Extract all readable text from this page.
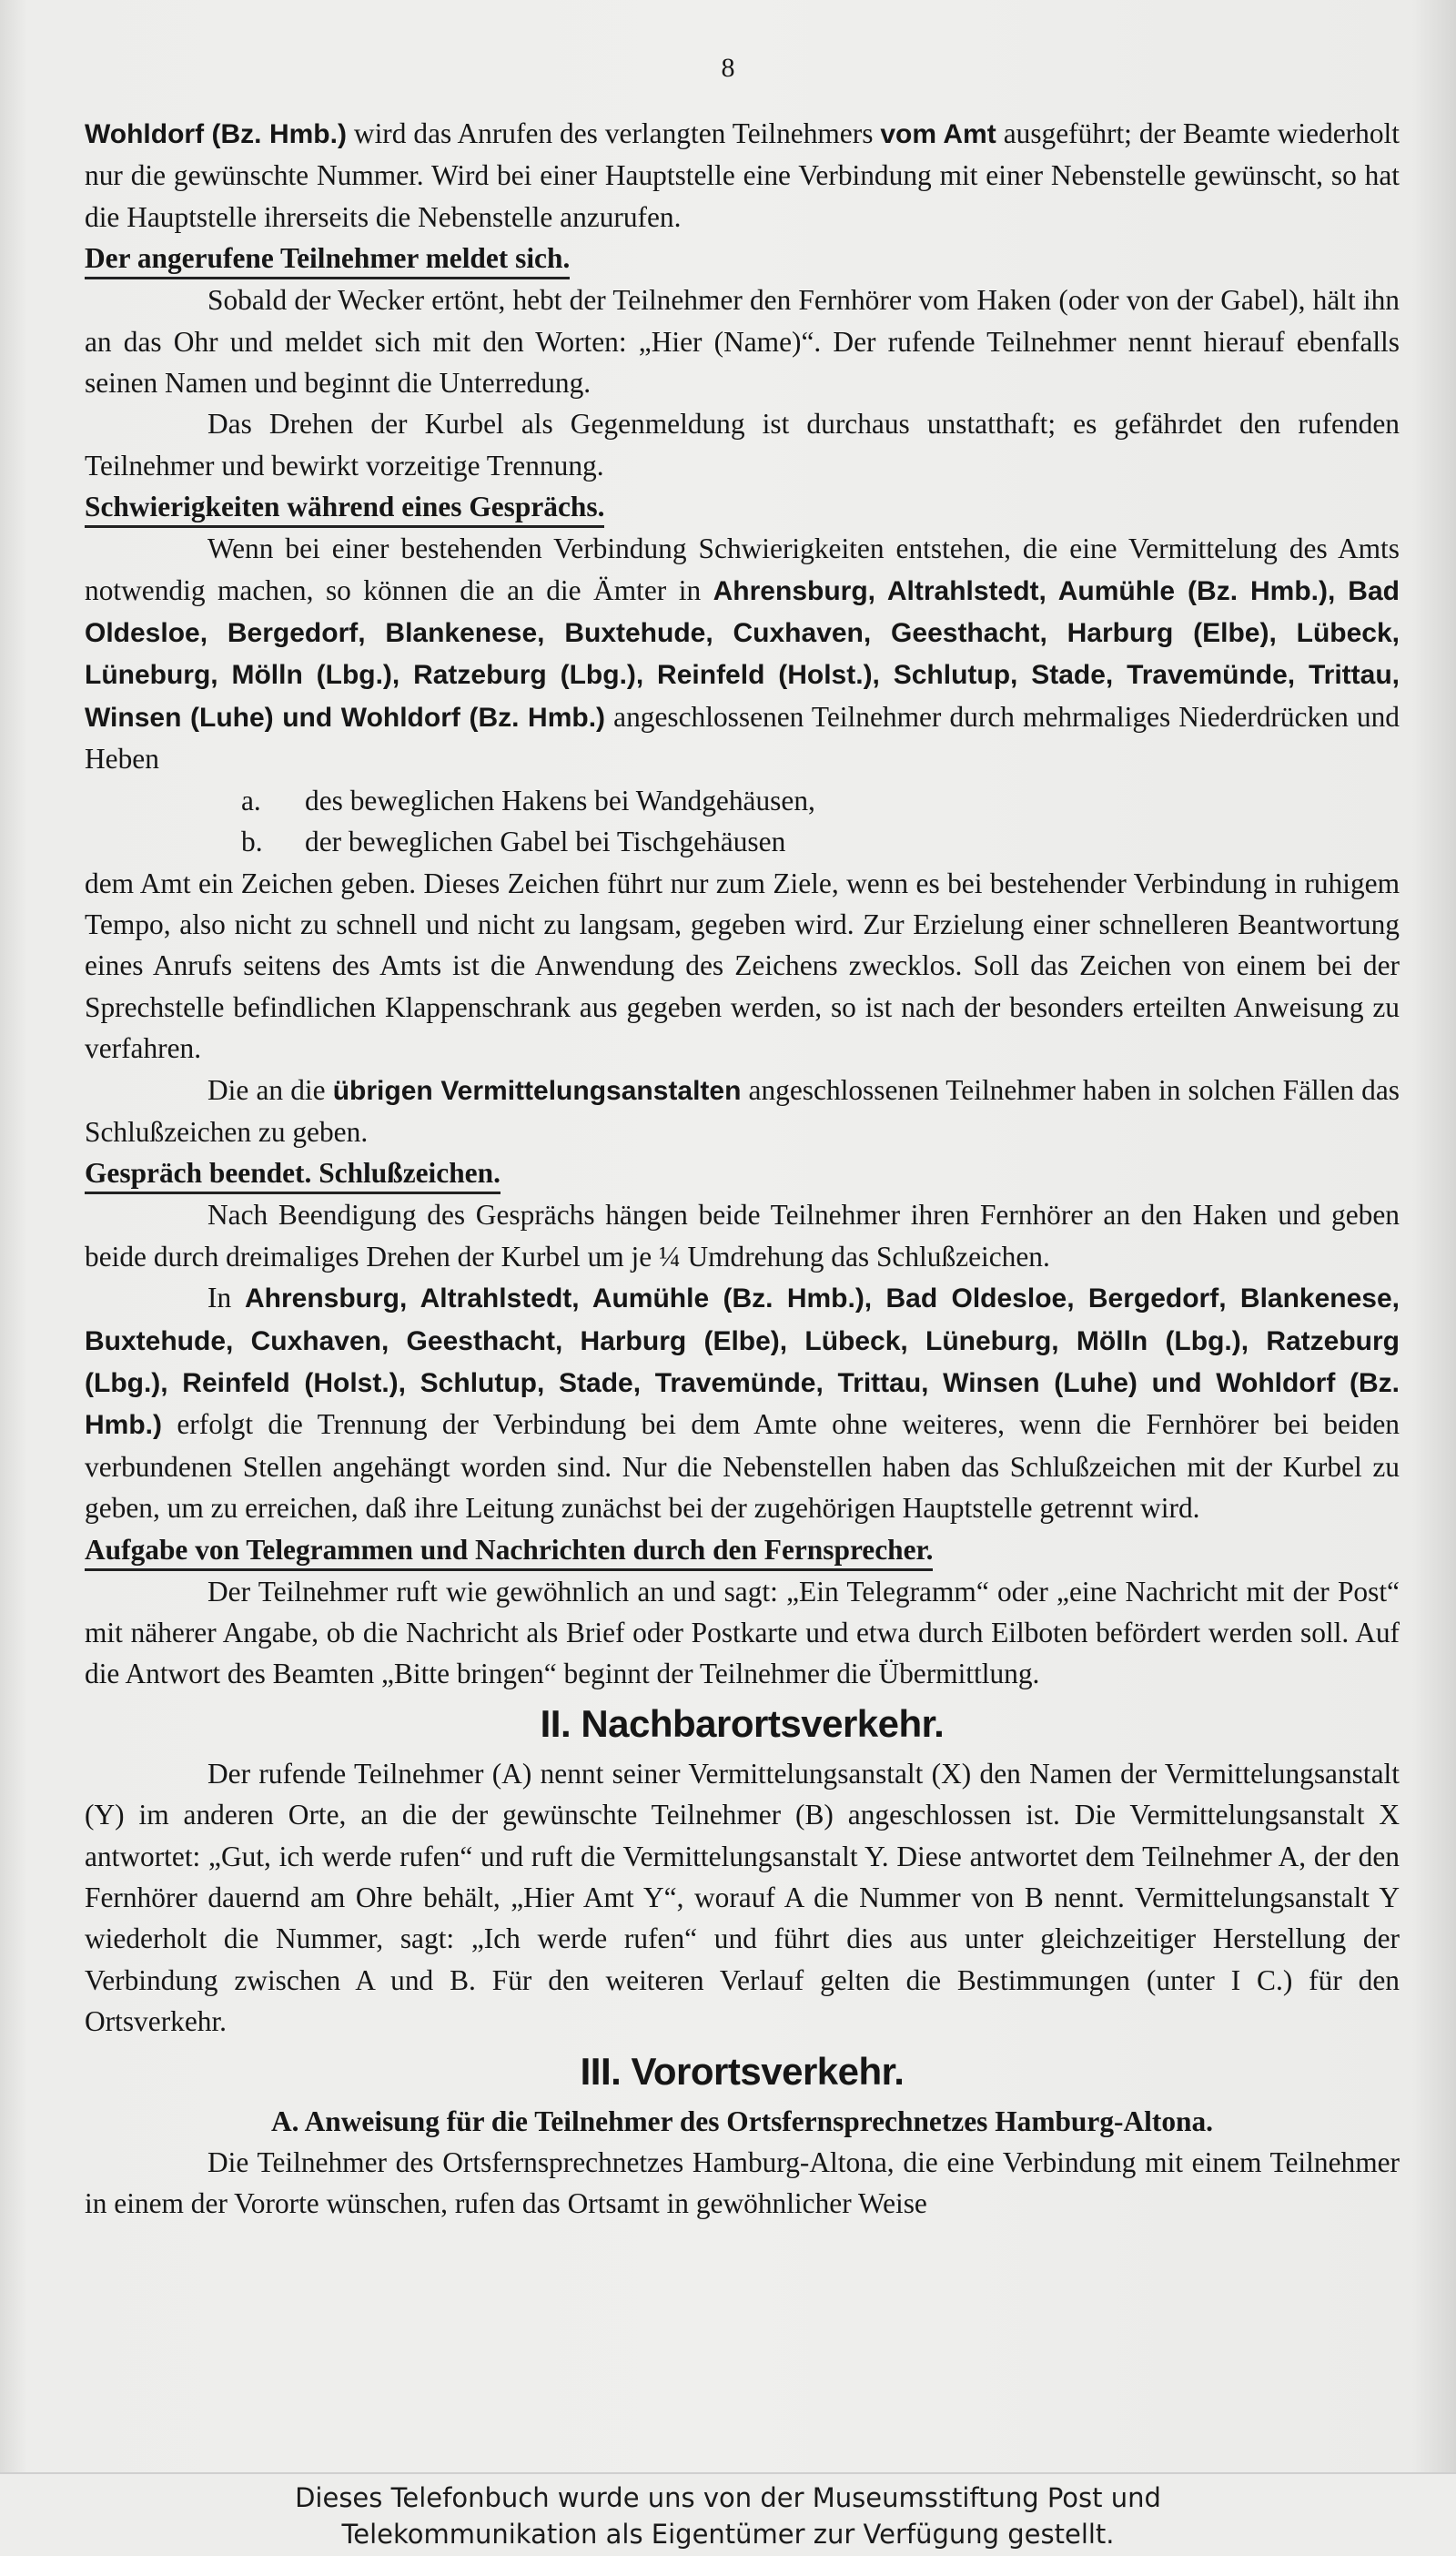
8

Wohldorf (Bz. Hmb.) wird das Anrufen des verlangten Teilnehmers vom Amt ausgeführt; der Beamte wiederholt nur die gewünschte Nummer. Wird bei einer Hauptstelle eine Verbindung mit einer Nebenstelle gewünscht, so hat die Hauptstelle ihrerseits die Nebenstelle anzurufen.

Der angerufene Teilnehmer meldet sich.

Sobald der Wecker ertönt, hebt der Teilnehmer den Fernhörer vom Haken (oder von der Gabel), hält ihn an das Ohr und meldet sich mit den Worten: „Hier (Name)“. Der rufende Teilnehmer nennt hierauf ebenfalls seinen Namen und beginnt die Unterredung.

Das Drehen der Kurbel als Gegenmeldung ist durchaus unstatthaft; es gefährdet den rufenden Teilnehmer und bewirkt vorzeitige Trennung.

Schwierigkeiten während eines Gesprächs.

Wenn bei einer bestehenden Verbindung Schwierigkeiten entstehen, die eine Vermittelung des Amts notwendig machen, so können die an die Ämter in Ahrensburg, Altrahlstedt, Aumühle (Bz. Hmb.), Bad Oldesloe, Bergedorf, Blankenese, Buxtehude, Cuxhaven, Geesthacht, Harburg (Elbe), Lübeck, Lüneburg, Mölln (Lbg.), Ratzeburg (Lbg.), Reinfeld (Holst.), Schlutup, Stade, Travemünde, Trittau, Winsen (Luhe) und Wohldorf (Bz. Hmb.) angeschlossenen Teilnehmer durch mehrmaliges Niederdrücken und Heben

a. des beweglichen Hakens bei Wandgehäusen,

b. der beweglichen Gabel bei Tischgehäusen

dem Amt ein Zeichen geben. Dieses Zeichen führt nur zum Ziele, wenn es bei bestehender Verbindung in ruhigem Tempo, also nicht zu schnell und nicht zu langsam, gegeben wird. Zur Erzielung einer schnelleren Beantwortung eines Anrufs seitens des Amts ist die Anwendung des Zeichens zwecklos. Soll das Zeichen von einem bei der Sprechstelle befindlichen Klappenschrank aus gegeben werden, so ist nach der besonders erteilten Anweisung zu verfahren.

Die an die übrigen Vermittelungsanstalten angeschlossenen Teilnehmer haben in solchen Fällen das Schlußzeichen zu geben.

Gespräch beendet. Schlußzeichen.

Nach Beendigung des Gesprächs hängen beide Teilnehmer ihren Fernhörer an den Haken und geben beide durch dreimaliges Drehen der Kurbel um je ¼ Umdrehung das Schlußzeichen.

In Ahrensburg, Altrahlstedt, Aumühle (Bz. Hmb.), Bad Oldesloe, Bergedorf, Blankenese, Buxtehude, Cuxhaven, Geesthacht, Harburg (Elbe), Lübeck, Lüneburg, Mölln (Lbg.), Ratzeburg (Lbg.), Reinfeld (Holst.), Schlutup, Stade, Travemünde, Trittau, Winsen (Luhe) und Wohldorf (Bz. Hmb.) erfolgt die Trennung der Verbindung bei dem Amte ohne weiteres, wenn die Fernhörer bei beiden verbundenen Stellen angehängt worden sind. Nur die Nebenstellen haben das Schlußzeichen mit der Kurbel zu geben, um zu erreichen, daß ihre Leitung zunächst bei der zugehörigen Hauptstelle getrennt wird.

Aufgabe von Telegrammen und Nachrichten durch den Fernsprecher.

Der Teilnehmer ruft wie gewöhnlich an und sagt: „Ein Telegramm“ oder „eine Nachricht mit der Post“ mit näherer Angabe, ob die Nachricht als Brief oder Postkarte und etwa durch Eilboten befördert werden soll. Auf die Antwort des Beamten „Bitte bringen“ beginnt der Teilnehmer die Übermittlung.

II. Nachbarortsverkehr.

Der rufende Teilnehmer (A) nennt seiner Vermittelungsanstalt (X) den Namen der Vermittelungsanstalt (Y) im anderen Orte, an die der gewünschte Teilnehmer (B) angeschlossen ist. Die Vermittelungsanstalt X antwortet: „Gut, ich werde rufen“ und ruft die Vermittelungsanstalt Y. Diese antwortet dem Teilnehmer A, der den Fernhörer dauernd am Ohre behält, „Hier Amt Y“, worauf A die Nummer von B nennt. Vermittelungsanstalt Y wiederholt die Nummer, sagt: „Ich werde rufen“ und führt dies aus unter gleichzeitiger Herstellung der Verbindung zwischen A und B. Für den weiteren Verlauf gelten die Bestimmungen (unter I C.) für den Ortsverkehr.

III. Vorortsverkehr.

A. Anweisung für die Teilnehmer des Ortsfernsprechnetzes Hamburg-Altona.

Die Teilnehmer des Ortsfernsprechnetzes Hamburg-Altona, die eine Verbindung mit einem Teilnehmer in einem der Vororte wünschen, rufen das Ortsamt in gewöhnlicher Weise

Dieses Telefonbuch wurde uns von der Museumsstiftung Post und
Telekommunikation als Eigentümer zur Verfügung gestellt.
